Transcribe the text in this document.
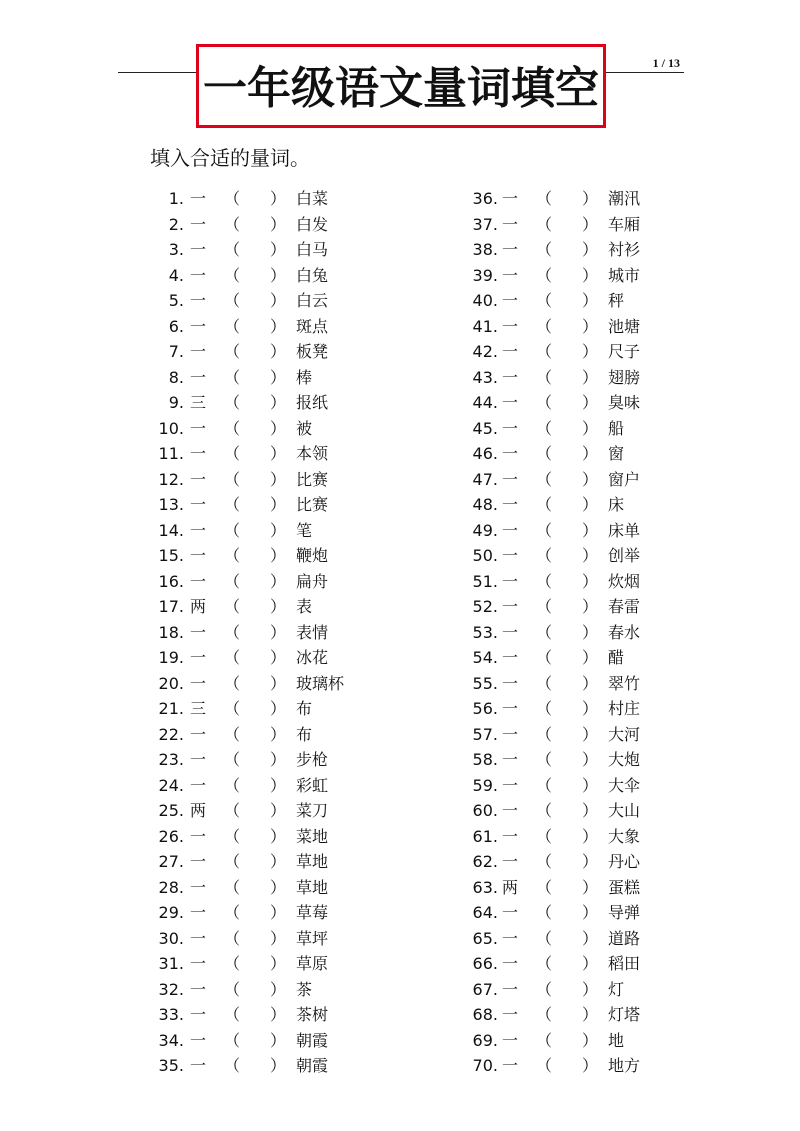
1 / 13
一年级语文量词填空
填入合适的量词。
1. 一 （ ） 白菜
2. 一 （ ） 白发
3. 一 （ ） 白马
4. 一 （ ） 白兔
5. 一 （ ） 白云
6. 一 （ ） 斑点
7. 一 （ ） 板凳
8. 一 （ ） 棒
9. 三 （ ） 报纸
10. 一 （ ） 被
11. 一 （ ） 本领
12. 一 （ ） 比赛
13. 一 （ ） 比赛
14. 一 （ ） 笔
15. 一 （ ） 鞭炮
16. 一 （ ） 扁舟
17. 两 （ ） 表
18. 一 （ ） 表情
19. 一 （ ） 冰花
20. 一 （ ） 玻璃杯
21. 三 （ ） 布
22. 一 （ ） 布
23. 一 （ ） 步枪
24. 一 （ ） 彩虹
25. 两 （ ） 菜刀
26. 一 （ ） 菜地
27. 一 （ ） 草地
28. 一 （ ） 草地
29. 一 （ ） 草莓
30. 一 （ ） 草坪
31. 一 （ ） 草原
32. 一 （ ） 茶
33. 一 （ ） 茶树
34. 一 （ ） 朝霞
35. 一 （ ） 朝霞
36. 一 （ ） 潮汛
37. 一 （ ） 车厢
38. 一 （ ） 衬衫
39. 一 （ ） 城市
40. 一 （ ） 秤
41. 一 （ ） 池塘
42. 一 （ ） 尺子
43. 一 （ ） 翅膀
44. 一 （ ） 臭味
45. 一 （ ） 船
46. 一 （ ） 窗
47. 一 （ ） 窗户
48. 一 （ ） 床
49. 一 （ ） 床单
50. 一 （ ） 创举
51. 一 （ ） 炊烟
52. 一 （ ） 春雷
53. 一 （ ） 春水
54. 一 （ ） 醋
55. 一 （ ） 翠竹
56. 一 （ ） 村庄
57. 一 （ ） 大河
58. 一 （ ） 大炮
59. 一 （ ） 大伞
60. 一 （ ） 大山
61. 一 （ ） 大象
62. 一 （ ） 丹心
63. 两 （ ） 蛋糕
64. 一 （ ） 导弹
65. 一 （ ） 道路
66. 一 （ ） 稻田
67. 一 （ ） 灯
68. 一 （ ） 灯塔
69. 一 （ ） 地
70. 一 （ ） 地方
